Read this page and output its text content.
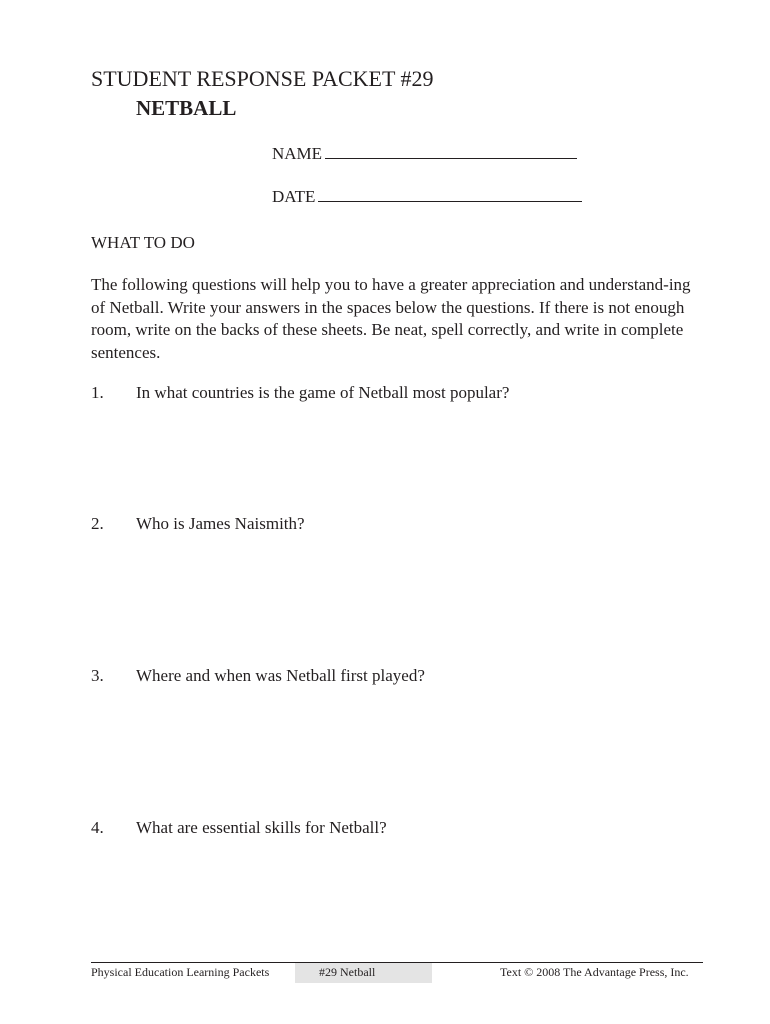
STUDENT RESPONSE PACKET #29
NETBALL
NAME
DATE
WHAT TO DO

The following questions will help you to have a greater appreciation and understand-ing of Netball. Write your answers in the spaces below the questions. If there is not enough room, write on the backs of these sheets. Be neat, spell correctly, and write in complete sentences.

1. In what countries is the game of Netball most popular?
2. Who is James Naismith?
3. Where and when was Netball first played?
4. What are essential skills for Netball?
Physical Education Learning Packets	#29 Netball	Text © 2008 The Advantage Press, Inc.
